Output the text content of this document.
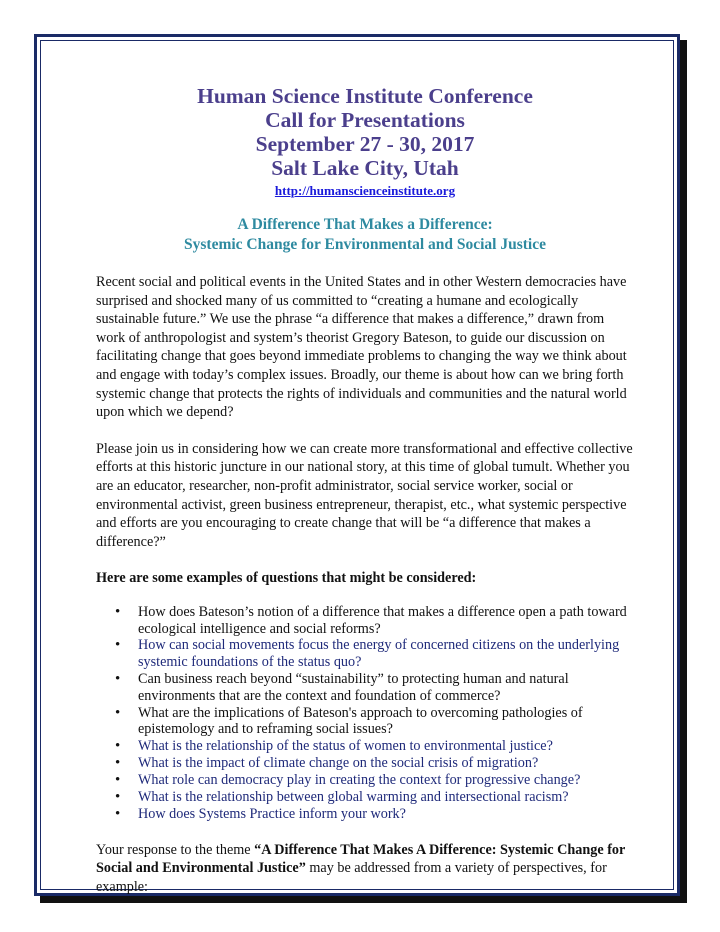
Human Science Institute Conference
Call for Presentations
September 27 - 30, 2017
Salt Lake City, Utah
http://humanscienceinstitute.org
A Difference That Makes a Difference:
Systemic Change for Environmental and Social Justice

Recent social and political events in the United States and in other Western democracies have surprised and shocked many of us committed to “creating a humane and ecologically sustainable future.” We use the phrase “a difference that makes a difference,” drawn from work of anthropologist and system’s theorist Gregory Bateson, to guide our discussion on facilitating change that goes beyond immediate problems to changing the way we think about and engage with today’s complex issues. Broadly, our theme is about how can we bring forth systemic change that protects the rights of individuals and communities and the natural world upon which we depend?

Please join us in considering how we can create more transformational and effective collective efforts at this historic juncture in our national story, at this time of global tumult. Whether you are an educator, researcher, non-profit administrator, social service worker, social or environmental activist, green business entrepreneur, therapist, etc., what systemic perspective and efforts are you encouraging to create change that will be “a difference that makes a difference?”

Here are some examples of questions that might be considered:
• How does Bateson’s notion of a difference that makes a difference open a path toward ecological intelligence and social reforms?
• How can social movements focus the energy of concerned citizens on the underlying systemic foundations of the status quo?
• Can business reach beyond “sustainability” to protecting human and natural environments that are the context and foundation of commerce?
• What are the implications of Bateson's approach to overcoming pathologies of epistemology and to reframing social issues?
• What is the relationship of the status of women to environmental justice?
• What is the impact of climate change on the social crisis of migration?
• What role can democracy play in creating the context for progressive change?
• What is the relationship between global warming and intersectional racism?
• How does Systems Practice inform your work?

Your response to the theme “A Difference That Makes A Difference: Systemic Change for Social and Environmental Justice” may be addressed from a variety of perspectives, for example:
